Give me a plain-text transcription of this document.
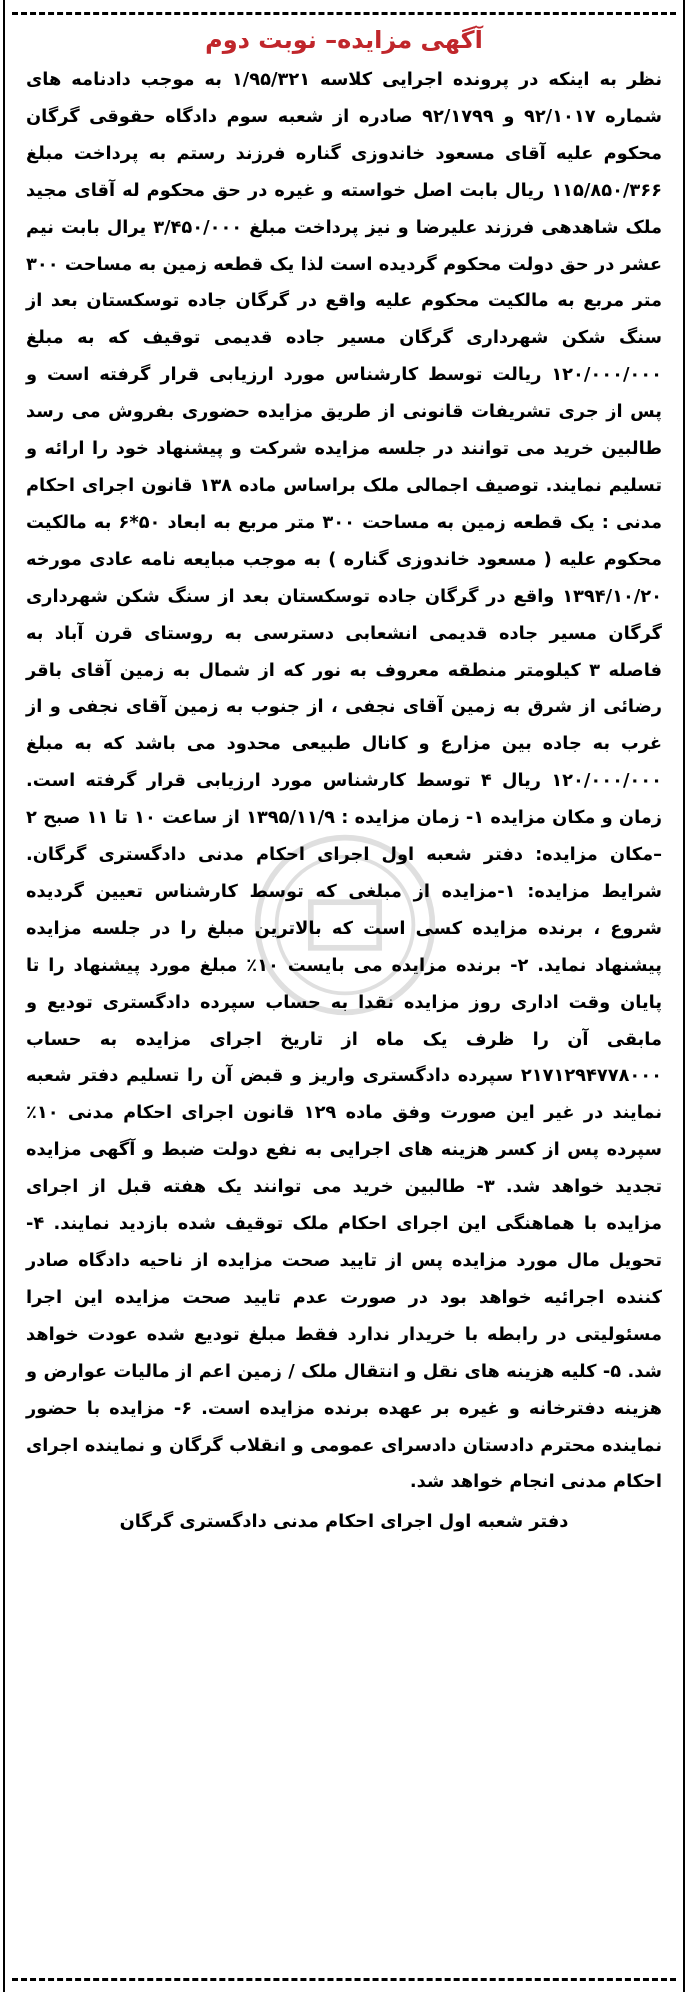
آگهی مزایده– نوبت دوم

نظر به اینکه در پرونده اجرایی کلاسه ۱/۹۵/۳۲۱ به موجب دادنامه های شماره ۹۲/۱۰۱۷ و ۹۲/۱۷۹۹ صادره از شعبه سوم دادگاه حقوقی گرگان محکوم علیه آقای مسعود خاندوزی گناره فرزند رستم به پرداخت مبلغ ۱۱۵/۸۵۰/۳۶۶ ریال بابت اصل خواسته و غیره در حق محکوم له آقای مجید ملک شاهدهی فرزند علیرضا و نیز پرداخت مبلغ ۳/۴۵۰/۰۰۰ یرال بابت نیم عشر در حق دولت محکوم گردیده است لذا یک قطعه زمین به مساحت ۳۰۰ متر مربع به مالکیت محکوم علیه واقع در گرگان جاده توسکستان بعد از سنگ شکن شهرداری گرگان مسیر جاده قدیمی توقیف که به مبلغ ۱۲۰/۰۰۰/۰۰۰ ریالت توسط کارشناس مورد ارزیابی قرار گرفته است و پس از جری تشریفات قانونی از طریق مزایده حضوری بفروش می رسد طالبین خرید می توانند در جلسه مزایده شرکت و پیشنهاد خود را ارائه و تسلیم نمایند. توصیف اجمالی ملک براساس ماده ۱۳۸ قانون اجرای احکام مدنی : یک قطعه زمین به مساحت ۳۰۰ متر مربع به ابعاد ۵۰*۶ به مالکیت محکوم علیه ( مسعود خاندوزی گناره ) به موجب مبایعه نامه عادی مورخه ۱۳۹۴/۱۰/۲۰ واقع در گرگان جاده توسکستان بعد از سنگ شکن شهرداری گرگان مسیر جاده قدیمی انشعابی دسترسی به روستای قرن آباد به فاصله ۳ کیلومتر منطقه معروف به نور که از شمال به زمین آقای باقر رضائی از شرق به زمین آقای نجفی ، از جنوب به زمین آقای نجفی و از غرب به جاده بین مزارع و کانال طبیعی محدود می باشد که به مبلغ ۱۲۰/۰۰۰/۰۰۰ ریال ۴ توسط کارشناس مورد ارزیابی قرار گرفته است. زمان و مکان مزایده ۱- زمان مزایده : ۱۳۹۵/۱۱/۹ از ساعت ۱۰ تا ۱۱ صبح ۲ –مکان مزایده: دفتر شعبه اول اجرای احکام مدنی دادگستری گرگان. شرایط مزایده: ۱-مزایده از مبلغی که توسط کارشناس تعیین گردیده شروع ، برنده مزایده کسی است که بالاترین مبلغ را در جلسه مزایده پیشنهاد نماید. ۲- برنده مزایده می بایست ۱۰٪ مبلغ مورد پیشنهاد را تا پایان وقت اداری روز مزایده نقدا به حساب سپرده دادگستری تودیع و مابقی آن را ظرف یک ماه از تاریخ اجرای مزایده به حساب ۲۱۷۱۲۹۴۷۷۸۰۰۰ سپرده دادگستری واریز و قبض آن را تسلیم دفتر شعبه نمایند در غیر این صورت وفق ماده ۱۲۹ قانون اجرای احکام مدنی ۱۰٪ سپرده پس از کسر هزینه های اجرایی به نفع دولت ضبط و آگهی مزایده تجدید خواهد شد. ۳- طالبین خرید می توانند یک هفته قبل از اجرای مزایده با هماهنگی این اجرای احکام ملک توقیف شده بازدید نمایند. ۴- تحویل مال مورد مزایده پس از تایید صحت مزایده از ناحیه دادگاه صادر کننده اجرائیه خواهد بود در صورت عدم تایید صحت مزایده این اجرا مسئولیتی در رابطه با خریدار ندارد فقط مبلغ تودیع شده عودت خواهد شد. ۵- کلیه هزینه های نقل و انتقال ملک / زمین اعم از مالیات عوارض و هزینه دفترخانه و غیره بر عهده برنده مزایده است. ۶- مزایده با حضور نماینده محترم دادستان دادسرای عمومی و انقلاب گرگان و نماینده اجرای احکام مدنی انجام خواهد شد.

دفتر شعبه اول اجرای احکام مدنی دادگستری گرگان
